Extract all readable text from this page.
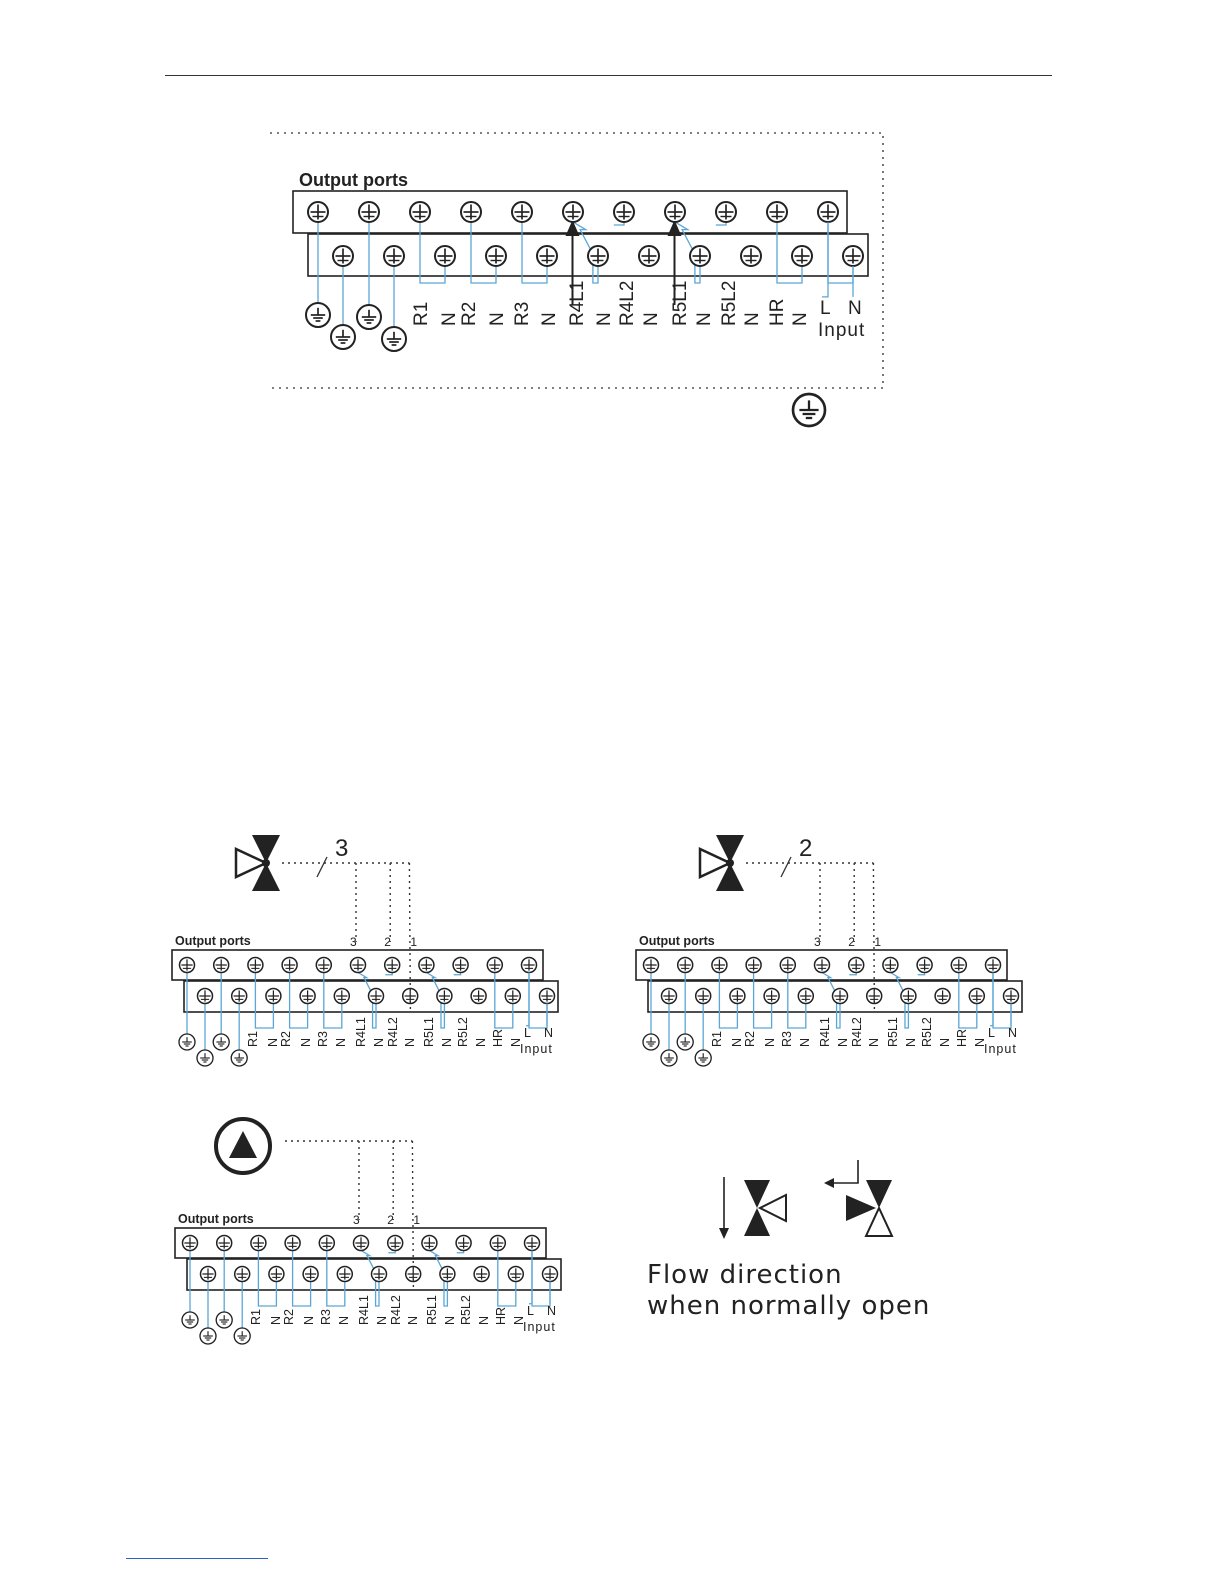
Output ports
R1 N R2 N R3 N R4L1 N R4L2 N R5L1 N R5L2 N HR N
L N
Input
Output ports
R1 N R2 N R3 N R4L1 N R4L2 N R5L1 N R5L2 N HR N
L N
Input
3 2 1
3
Output ports
R1 N R2 N R3 N R4L1 N R4L2 N R5L1 N R5L2 N HR N
L N
Input
3 2 1
2
Output ports
R1 N R2 N R3 N R4L1 N R4L2 N R5L1 N R5L2 N HR N
L N
Input
3 2 1
Flow direction
when normally open
